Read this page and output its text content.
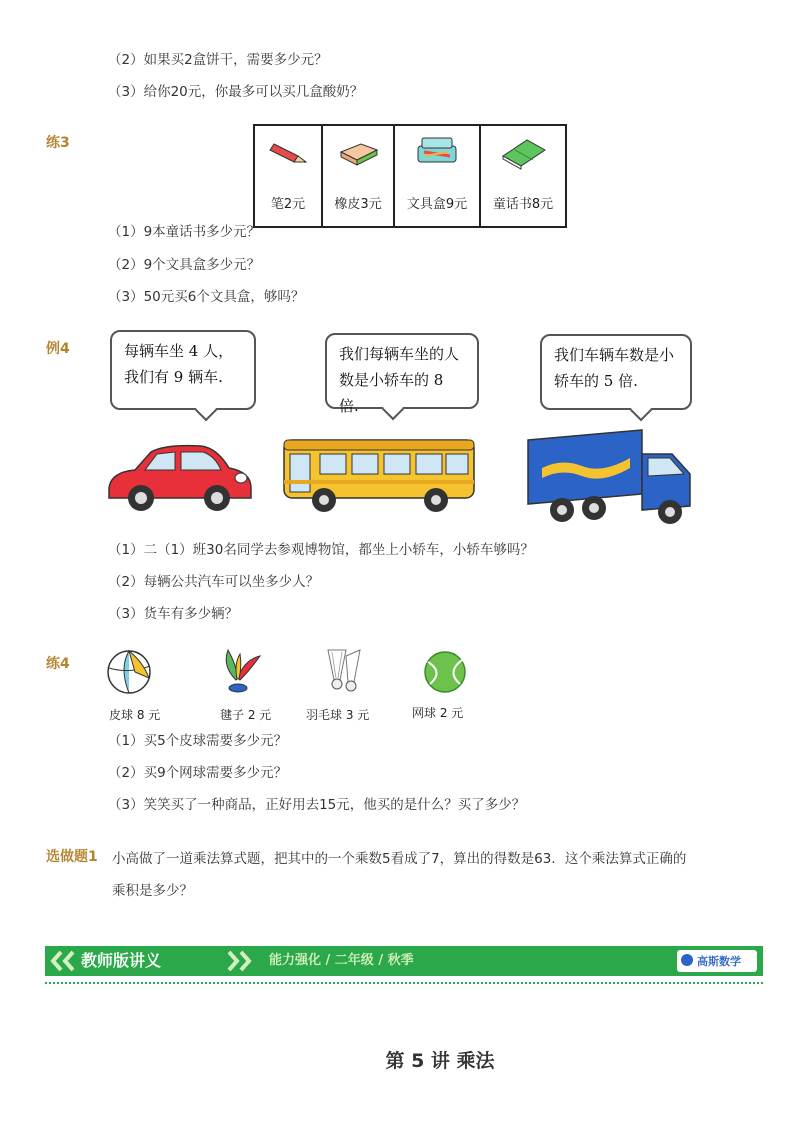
（2）如果买2盒饼干，需要多少元？
（3）给你20元，你最多可以买几盒酸奶？
练3
笔2元	橡皮3元	文具盒9元	童话书8元
（1）9本童话书多少元？
（2）9个文具盒多少元？
（3）50元买6个文具盒，够吗？
例4	每辆车坐 4 人，
我们有 9 辆车.
我们每辆车坐的人
数是小轿车的 8 倍.
我们车辆车数是小
轿车的 5 倍.
（1）二（1）班30名同学去参观博物馆，都坐上小轿车，小轿车够吗？
（2）每辆公共汽车可以坐多少人？
（3）货车有多少辆？
练4
皮球 8 元	毽子 2 元	羽毛球 3 元	网球 2 元
（1）买5个皮球需要多少元？
（2）买9个网球需要多少元？
（3）笑笑买了一种商品，正好用去15元，他买的是什么？买了多少？
选做题1 小高做了一道乘法算式题，把其中的一个乘数5看成了7，算出的得数是63．这个乘法算式正确的
乘积是多少？
教师版讲义	能力强化 / 二年级 / 秋季	高斯数学
第 5 讲 乘法
